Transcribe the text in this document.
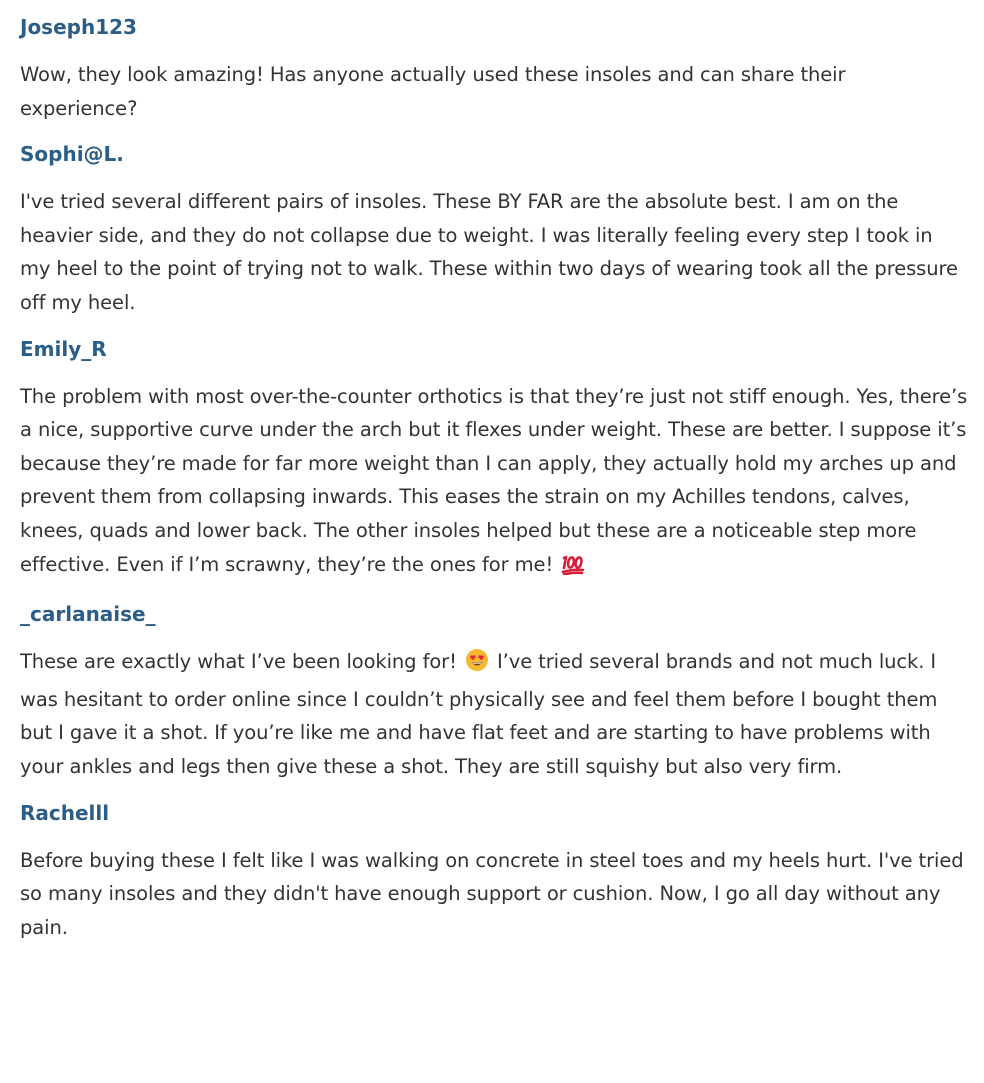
Joseph123

Wow, they look amazing! Has anyone actually used these insoles and can share their experience?

Sophi@L.

I've tried several different pairs of insoles. These BY FAR are the absolute best. I am on the heavier side, and they do not collapse due to weight. I was literally feeling every step I took in my heel to the point of trying not to walk. These within two days of wearing took all the pressure off my heel.

Emily_R

The problem with most over-the-counter orthotics is that they’re just not stiff enough. Yes, there’s a nice, supportive curve under the arch but it flexes under weight. These are better. I suppose it’s because they’re made for far more weight than I can apply, they actually hold my arches up and prevent them from collapsing inwards. This eases the strain on my Achilles tendons, calves, knees, quads and lower back. The other insoles helped but these are a noticeable step more effective. Even if I’m scrawny, they’re the ones for me!

_carlanaise_

These are exactly what I’ve been looking for! I’ve tried several brands and not much luck. I was hesitant to order online since I couldn’t physically see and feel them before I bought them but I gave it a shot. If you’re like me and have flat feet and are starting to have problems with your ankles and legs then give these a shot. They are still squishy but also very firm.

Rachelll

Before buying these I felt like I was walking on concrete in steel toes and my heels hurt. I've tried so many insoles and they didn't have enough support or cushion. Now, I go all day without any pain.
